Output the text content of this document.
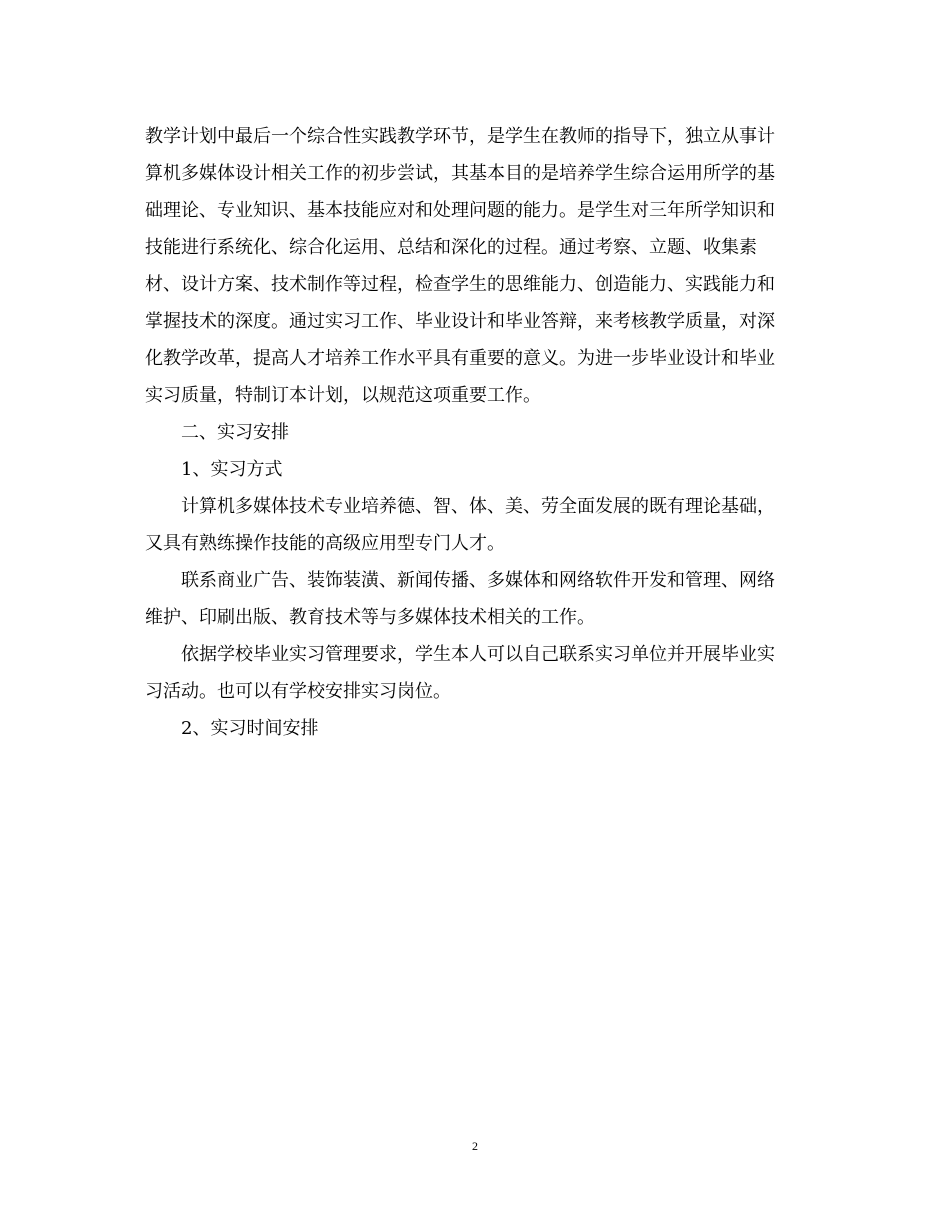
教学计划中最后一个综合性实践教学环节，是学生在教师的指导下，独立从事计
算机多媒体设计相关工作的初步尝试，其基本目的是培养学生综合运用所学的基
础理论、专业知识、基本技能应对和处理问题的能力。是学生对三年所学知识和
技能进行系统化、综合化运用、总结和深化的过程。通过考察、立题、收集素
材、设计方案、技术制作等过程，检查学生的思维能力、创造能力、实践能力和
掌握技术的深度。通过实习工作、毕业设计和毕业答辩，来考核教学质量，对深
化教学改革，提高人才培养工作水平具有重要的意义。为进一步毕业设计和毕业
实习质量，特制订本计划，以规范这项重要工作。
二、实习安排
1、实习方式
计算机多媒体技术专业培养德、智、体、美、劳全面发展的既有理论基础，
又具有熟练操作技能的高级应用型专门人才。
联系商业广告、装饰装潢、新闻传播、多媒体和网络软件开发和管理、网络
维护、印刷出版、教育技术等与多媒体技术相关的工作。
依据学校毕业实习管理要求，学生本人可以自己联系实习单位并开展毕业实
习活动。也可以有学校安排实习岗位。
2、实习时间安排
2
